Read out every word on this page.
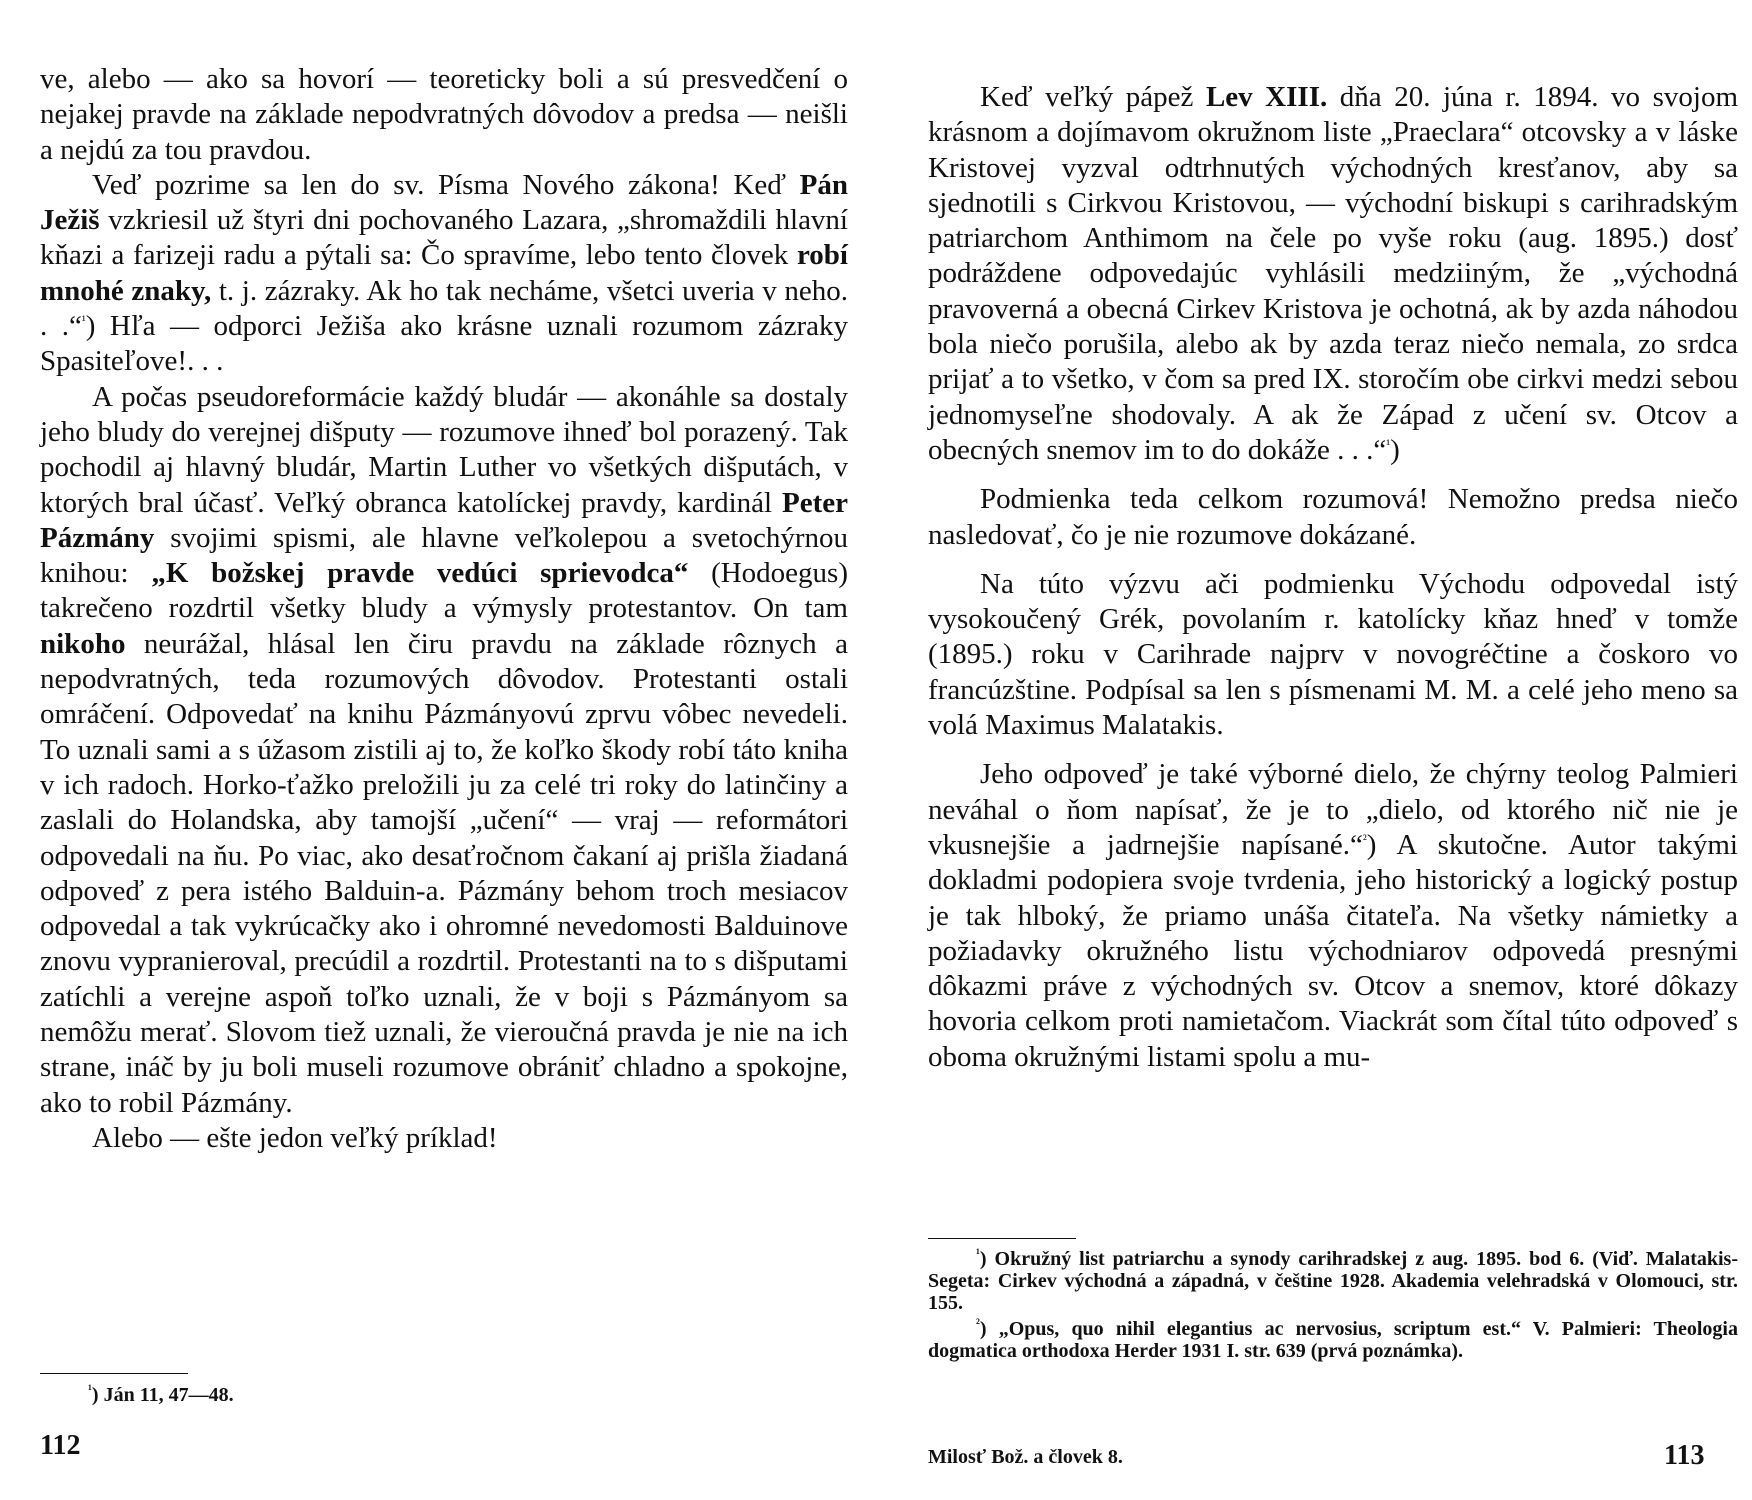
ve, alebo — ako sa hovorí — teoreticky boli a sú presvedčení o nejakej pravde na základe nepodvratných dôvodov a predsa — neišli a nejdú za tou pravdou.

Veď pozrime sa len do sv. Písma Nového zákona! Keď Pán Ježiš vzkriesil už štyri dni pochovaného Lazara, „shromaždili hlavní kňazi a farizeji radu a pýtali sa: Čo spravíme, lebo tento človek robí mnohé znaky, t. j. zázraky. Ak ho tak necháme, všetci uveria v neho. . .“$^{^1}$) Hľa — odporci Ježiša ako krásne uznali rozumom zázraky Spasiteľove!. . .

A počas pseudoreformácie každý bludár — akonáhle sa dostaly jeho bludy do verejnej dišputy — rozumove ihneď bol porazený. Tak pochodil aj hlavný bludár, Martin Luther vo všetkých dišputách, v ktorých bral účasť. Veľký obranca katolíckej pravdy, kardinál Peter Pázmány svojimi spismi, ale hlavne veľkolepou a svetochýrnou knihou: „K božskej pravde vedúci sprievodca“ (Hodoegus) takrečeno rozdrtil všetky bludy a výmysly protestantov. On tam nikoho neurážal, hlásal len čiru pravdu na základe rôznych a nepodvratných, teda rozumových dôvodov. Protestanti ostali omráčení. Odpovedať na knihu Pázmányovú zprvu vôbec nevedeli. To uznali sami a s úžasom zistili aj to, že koľko škody robí táto kniha v ich radoch. Horko-ťažko preložili ju za celé tri roky do latinčiny a zaslali do Holandska, aby tamojší „učení“ — vraj — reformátori odpovedali na ňu. Po viac, ako desaťročnom čakaní aj prišla žiadaná odpoveď z pera istého Balduin-a. Pázmány behom troch mesiacov odpovedal a tak vykrúcačky ako i ohromné nevedomosti Balduinove znovu vypranieroval, precúdil a rozdrtil. Protestanti na to s dišputami zatíchli a verejne aspoň toľko uznali, že v boji s Pázmányom sa nemôžu merať. Slovom tiež uznali, že vieroučná pravda je nie na ich strane, ináč by ju boli museli rozumove obrániť chladno a spokojne, ako to robil Pázmány.

Alebo — ešte jedon veľký príklad!

$^{^1}$) Ján 11, 47—48.

112

Keď veľký pápež Lev XIII. dňa 20. júna r. 1894. vo svojom krásnom a dojímavom okružnom liste „Praeclara“ otcovsky a v láske Kristovej vyzval odtrhnutých východných kresťanov, aby sa sjednotili s Cirkvou Kristovou, — východní biskupi s carihradským patriarchom Anthimom na čele po vyše roku (aug. 1895.) dosť podráždene odpovedajúc vyhlásili medziiným, že „východná pravoverná a obecná Cirkev Kristova je ochotná, ak by azda náhodou bola niečo porušila, alebo ak by azda teraz niečo nemala, zo srdca prijať a to všetko, v čom sa pred IX. storočím obe cirkvi medzi sebou jednomyseľne shodovaly. A ak že Západ z učení sv. Otcov a obecných snemov im to do dokáže . . .“$^{^1}$)

Podmienka teda celkom rozumová! Nemožno predsa niečo nasledovať, čo je nie rozumove dokázané.

Na túto výzvu ači podmienku Východu odpovedal istý vysokoučený Grék, povolaním r. katolícky kňaz hneď v tomže (1895.) roku v Carihrade najprv v novogréčtine a čoskoro vo francúzštine. Podpísal sa len s písmenami M. M. a celé jeho meno sa volá Maximus Malatakis.

Jeho odpoveď je také výborné dielo, že chýrny teolog Palmieri neváhal o ňom napísať, že je to „dielo, od ktorého nič nie je vkusnejšie a jadrnejšie napísané.“$^{^2}$) A skutočne. Autor takými dokladmi podopiera svoje tvrdenia, jeho historický a logický postup je tak hlboký, že priamo unáša čitateľa. Na všetky námietky a požiadavky okružného listu východniarov odpovedá presnými dôkazmi práve z východných sv. Otcov a snemov, ktoré dôkazy hovoria celkom proti namietačom. Viackrát som čítal túto odpoveď s oboma okružnými listami spolu a mu-

$^{^1}$) Okružný list patriarchu a synody carihradskej z aug. 1895. bod 6. (Viď. Malatakis-Segeta: Cirkev východná a západná, v češtine 1928. Akademia velehradská v Olomouci, str. 155.

$^{^2}$) „Opus, quo nihil elegantius ac nervosius, scriptum est.“ V. Palmieri: Theologia dogmatica orthodoxa Herder 1931 I. str. 639 (prvá poznámka).

Milosť Bož. a človek 8.	113
